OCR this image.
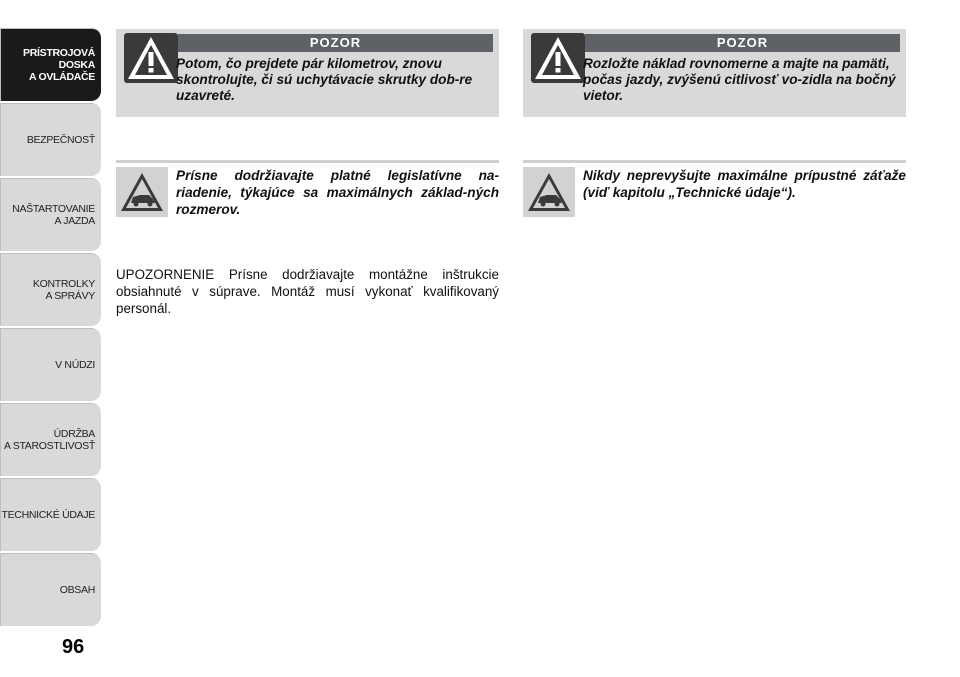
PRÍSTROJOVÁ
DOSKA
A OVLÁDAČE
BEZPEČNOSŤ
NAŠTARTOVANIE
A JAZDA
KONTROLKY
A SPRÁVY
V NÚDZI
ÚDRŽBA
A STAROSTLIVOSŤ
TECHNICKÉ ÚDAJE
OBSAH
96
POZOR
Potom, čo prejdete pár kilometrov, znovu skontrolujte, či sú uchytávacie skrutky dob-re uzavreté.
Prísne dodržiavajte platné legislatívne na-riadenie, týkajúce sa maximálnych základ-ných rozmerov.
UPOZORNENIE Prísne dodržiavajte montážne inštrukcie obsiahnuté v súprave. Montáž musí vykonať kvalifikovaný personál.
POZOR
Rozložte náklad rovnomerne a majte na pamäti, počas jazdy, zvýšenú citlivosť vo-zidla na bočný vietor.
Nikdy neprevyšujte maximálne prípustné záťaže (viď kapitolu „Technické údaje“).
